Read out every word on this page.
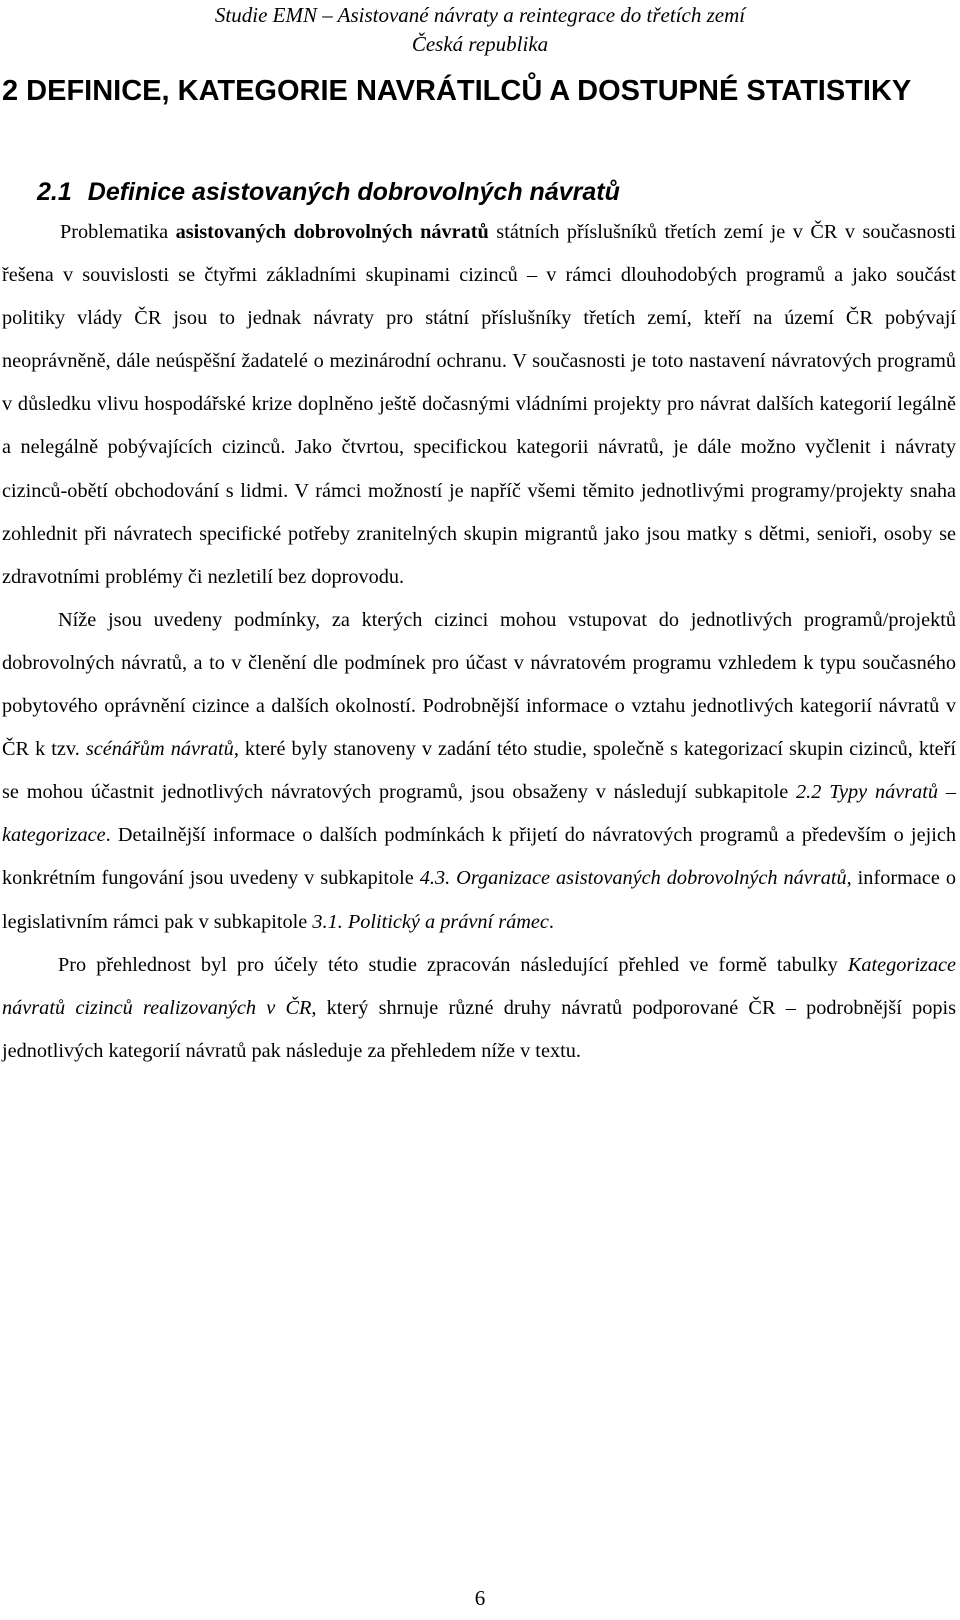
Studie EMN – Asistované návraty a reintegrace do třetích zemí
Česká republika
2 DEFINICE, KATEGORIE NAVRÁTILCŮ A DOSTUPNÉ STATISTIKY
2.1 Definice asistovaných dobrovolných návratů

Problematika asistovaných dobrovolných návratů státních příslušníků třetích zemí je v ČR v současnosti řešena v souvislosti se čtyřmi základními skupinami cizinců – v rámci dlouhodobých programů a jako součást politiky vlády ČR jsou to jednak návraty pro státní příslušníky třetích zemí, kteří na území ČR pobývají neoprávněně, dále neúspěšní žadatelé o mezinárodní ochranu. V současnosti je toto nastavení návratových programů v důsledku vlivu hospodářské krize doplněno ještě dočasnými vládními projekty pro návrat dalších kategorií legálně a nelegálně pobývajících cizinců. Jako čtvrtou, specifickou kategorii návratů, je dále možno vyčlenit i návraty cizinců-obětí obchodování s lidmi. V rámci možností je napříč všemi těmito jednotlivými programy/projekty snaha zohlednit při návratech specifické potřeby zranitelných skupin migrantů jako jsou matky s dětmi, senioři, osoby se zdravotními problémy či nezletilí bez doprovodu.

Níže jsou uvedeny podmínky, za kterých cizinci mohou vstupovat do jednotlivých programů/projektů dobrovolných návratů, a to v členění dle podmínek pro účast v návratovém programu vzhledem k typu současného pobytového oprávnění cizince a dalších okolností. Podrobnější informace o vztahu jednotlivých kategorií návratů v ČR k tzv. scénářům návratů, které byly stanoveny v zadání této studie, společně s kategorizací skupin cizinců, kteří se mohou účastnit jednotlivých návratových programů, jsou obsaženy v následují subkapitole 2.2 Typy návratů – kategorizace. Detailnější informace o dalších podmínkách k přijetí do návratových programů a především o jejich konkrétním fungování jsou uvedeny v subkapitole 4.3. Organizace asistovaných dobrovolných návratů, informace o legislativním rámci pak v subkapitole 3.1. Politický a právní rámec.

Pro přehlednost byl pro účely této studie zpracován následující přehled ve formě tabulky Kategorizace návratů cizinců realizovaných v ČR, který shrnuje různé druhy návratů podporované ČR – podrobnější popis jednotlivých kategorií návratů pak následuje za přehledem níže v textu.

6
